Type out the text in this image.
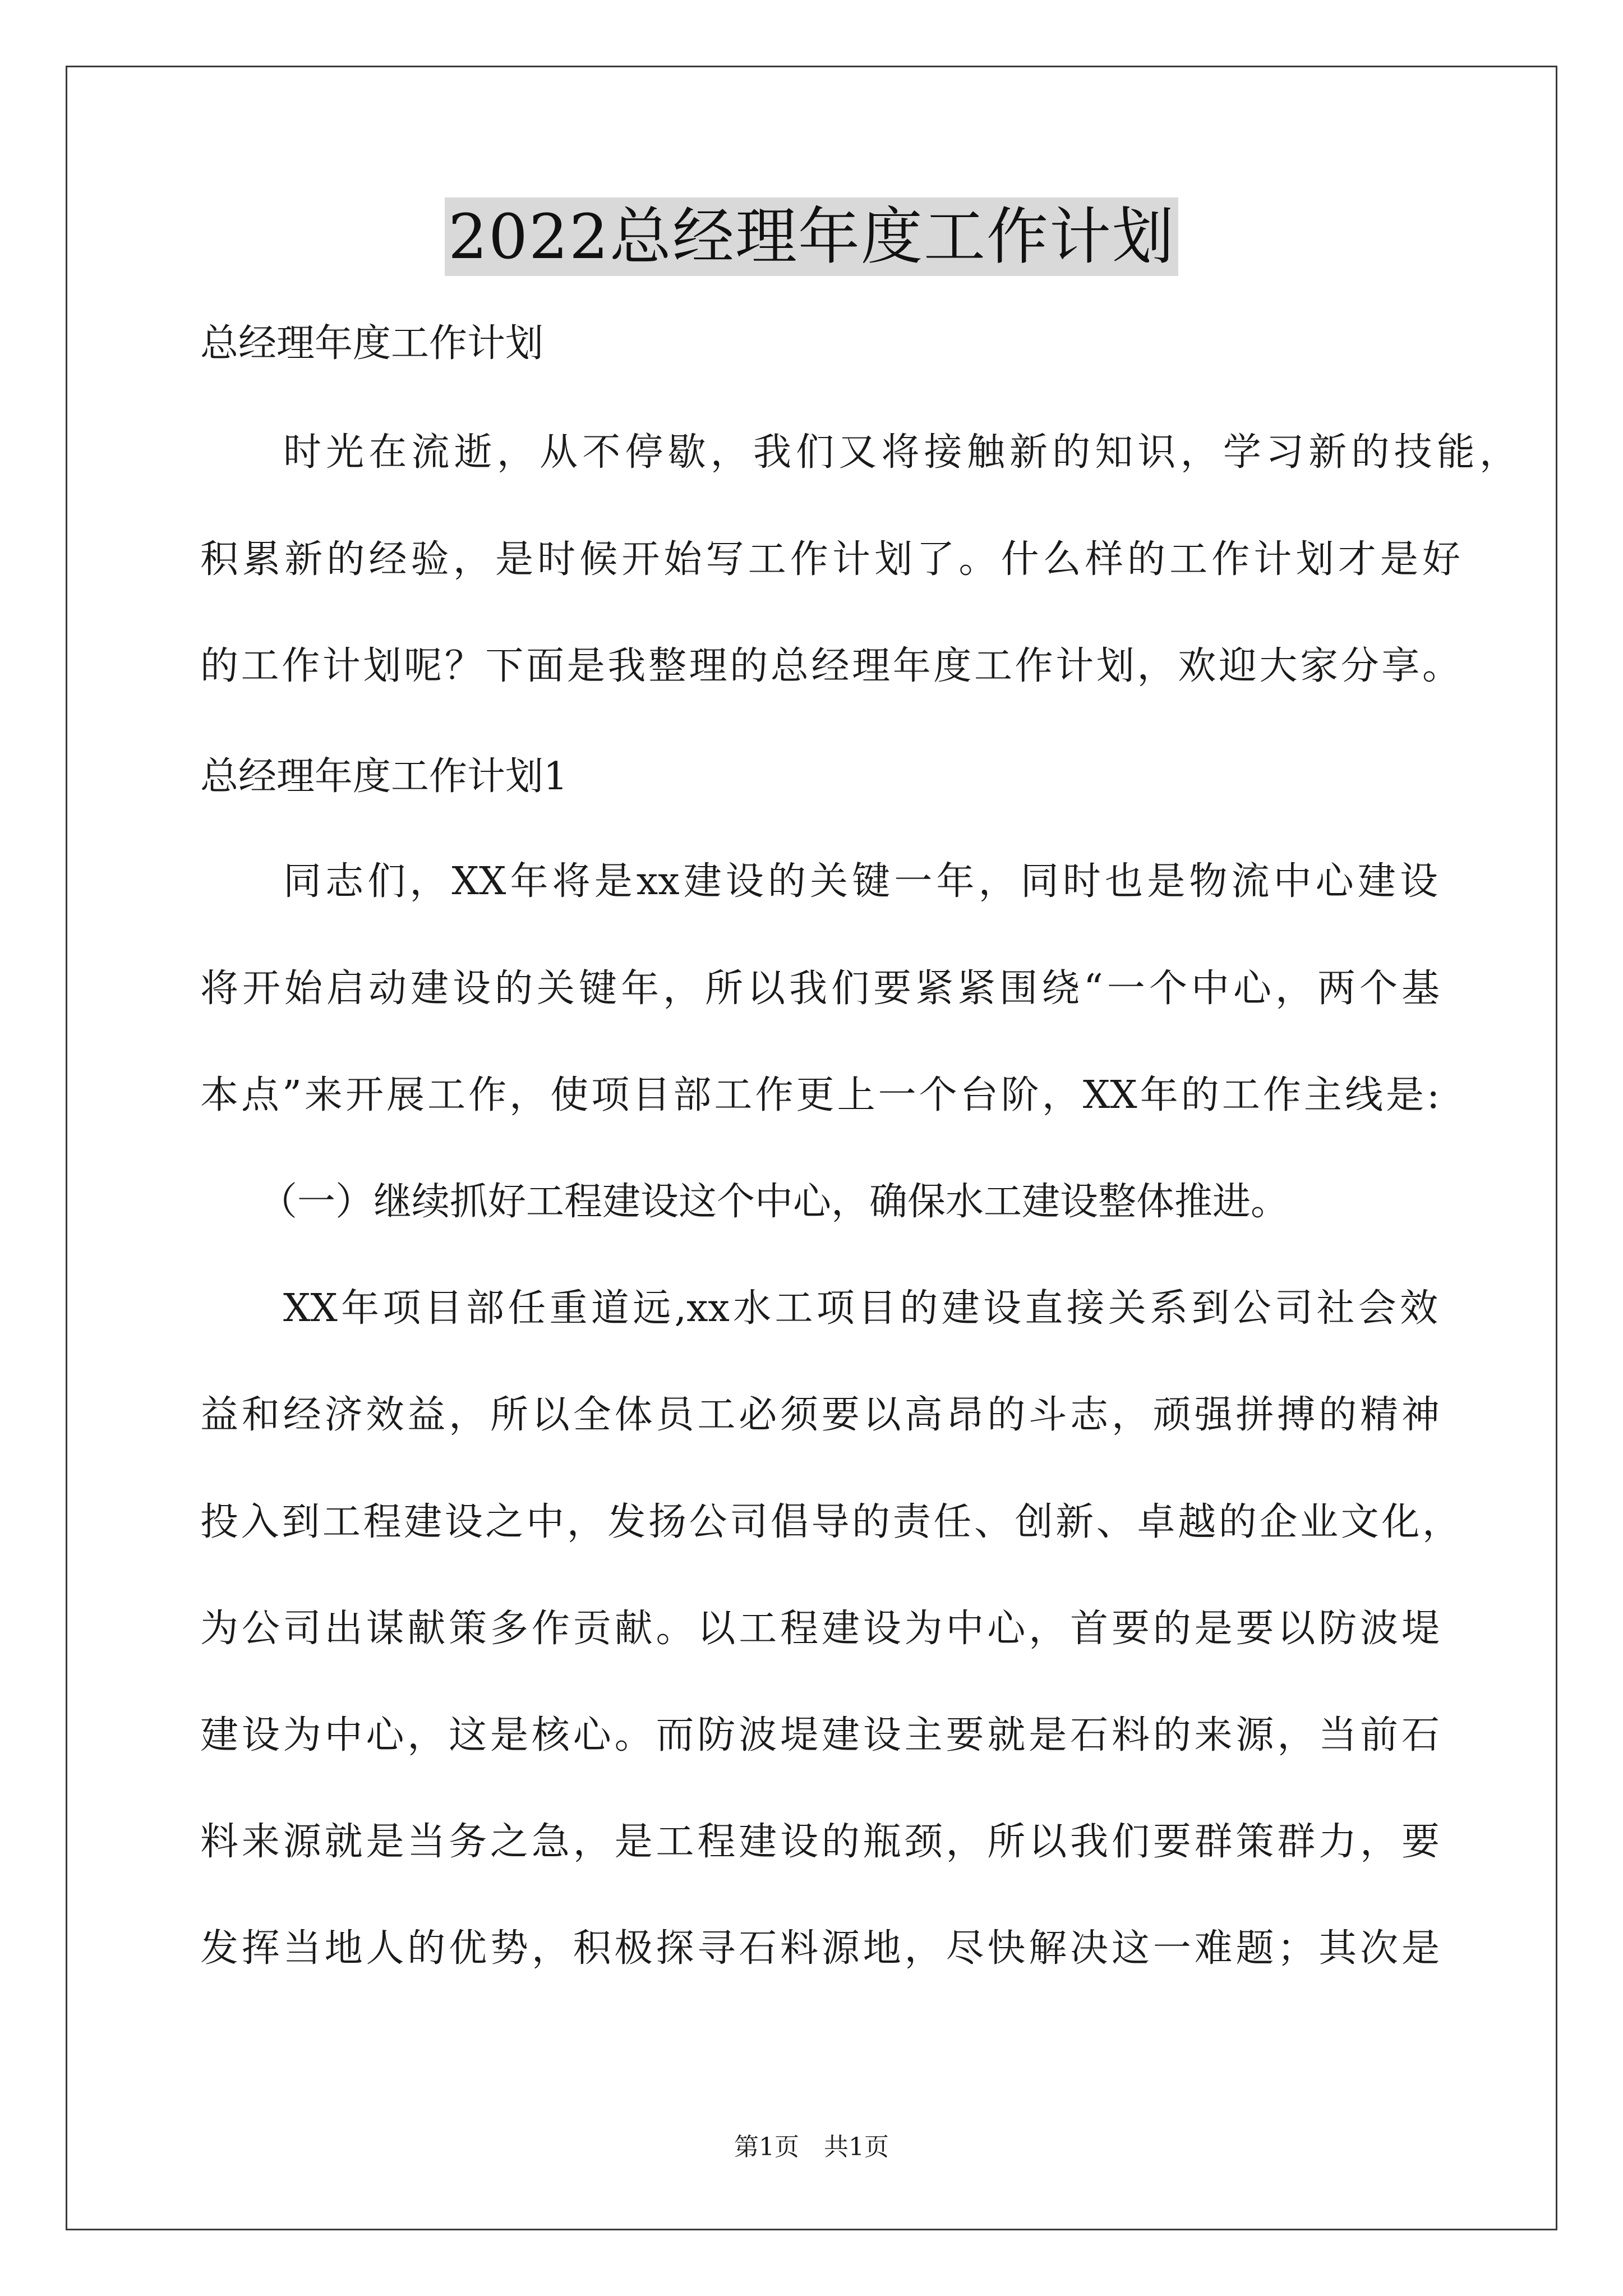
2022总经理年度工作计划
总经理年度工作计划
时光在流逝，从不停歇，我们又将接触新的知识，学习新的技能，
积累新的经验，是时候开始写工作计划了。什么样的工作计划才是好
的工作计划呢？下面是我整理的总经理年度工作计划，欢迎大家分享。
总经理年度工作计划1
同志们，XX年将是xx建设的关键一年，同时也是物流中心建设
将开始启动建设的关键年，所以我们要紧紧围绕“一个中心，两个基
本点”来开展工作，使项目部工作更上一个台阶，XX年的工作主线是:
（一）继续抓好工程建设这个中心，确保水工建设整体推进。
XX年项目部任重道远,xx水工项目的建设直接关系到公司社会效
益和经济效益，所以全体员工必须要以高昂的斗志，顽强拼搏的精神
投入到工程建设之中，发扬公司倡导的责任、创新、卓越的企业文化，
为公司出谋献策多作贡献。以工程建设为中心，首要的是要以防波堤
建设为中心，这是核心。而防波堤建设主要就是石料的来源，当前石
料来源就是当务之急，是工程建设的瓶颈，所以我们要群策群力，要
发挥当地人的优势，积极探寻石料源地，尽快解决这一难题；其次是
第1页　共1页
